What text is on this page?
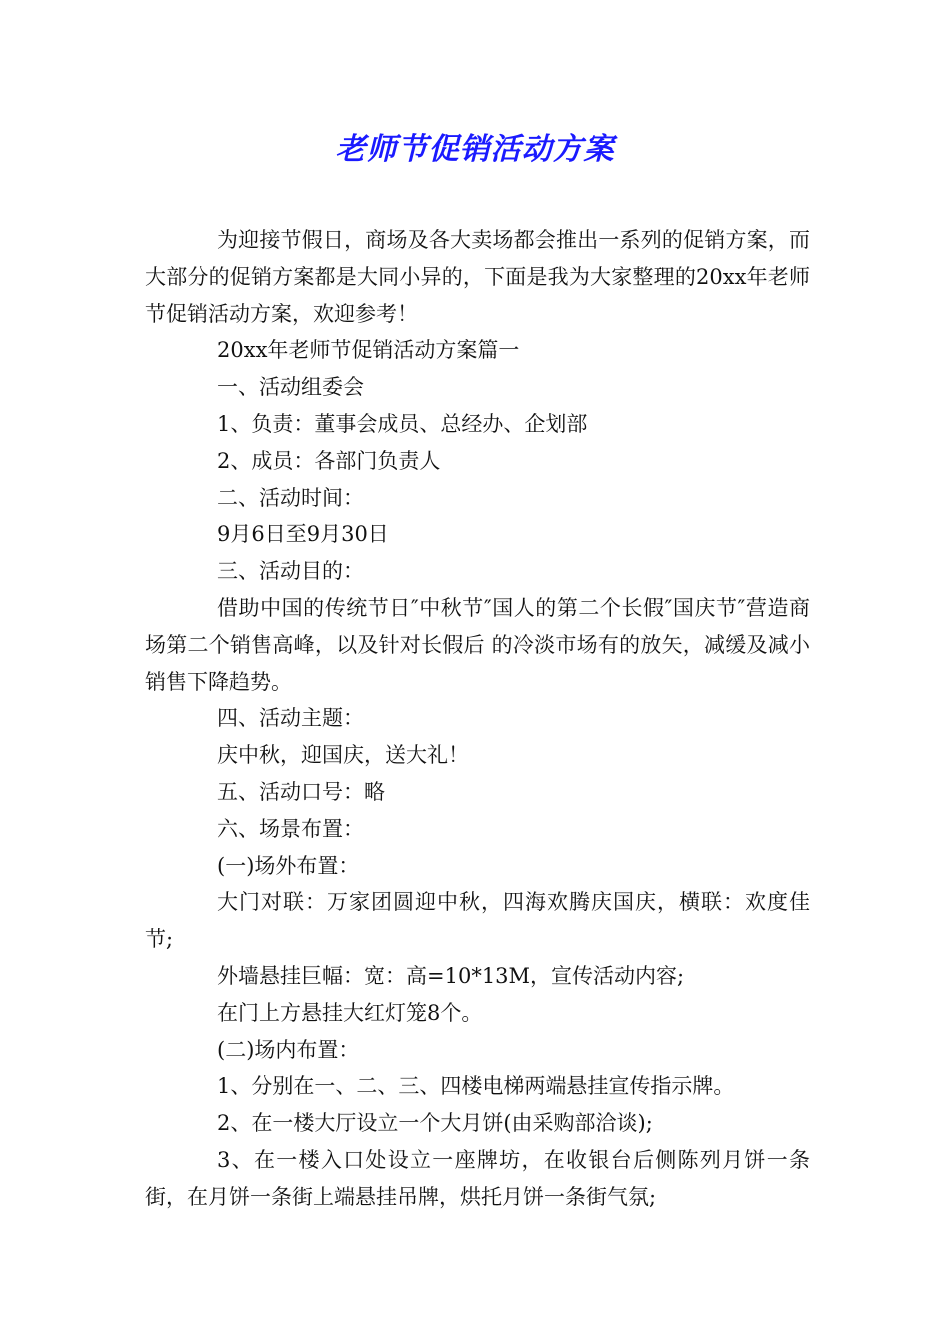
老师节促销活动方案

为迎接节假日，商场及各大卖场都会推出一系列的促销方案，而大部分的促销方案都是大同小异的，下面是我为大家整理的20xx年老师节促销活动方案，欢迎参考！

20xx年老师节促销活动方案篇一

一、活动组委会

1、负责：董事会成员、总经办、企划部

2、成员：各部门负责人

二、活动时间：

9月6日至9月30日

三、活动目的：

借助中国的传统节日″中秋节″国人的第二个长假″国庆节″营造商场第二个销售高峰，以及针对长假后 的冷淡市场有的放矢，减缓及减小销售下降趋势。

四、活动主题：

庆中秋，迎国庆，送大礼！

五、活动口号：略

六、场景布置：

(一)场外布置：

大门对联：万家团圆迎中秋，四海欢腾庆国庆，横联：欢度佳节;

外墙悬挂巨幅：宽：高=10*13M，宣传活动内容;

在门上方悬挂大红灯笼8个。

(二)场内布置：

1、分别在一、二、三、四楼电梯两端悬挂宣传指示牌。

2、在一楼大厅设立一个大月饼(由采购部洽谈);

3、在一楼入口处设立一座牌坊，在收银台后侧陈列月饼一条街，在月饼一条街上端悬挂吊牌，烘托月饼一条街气氛;
